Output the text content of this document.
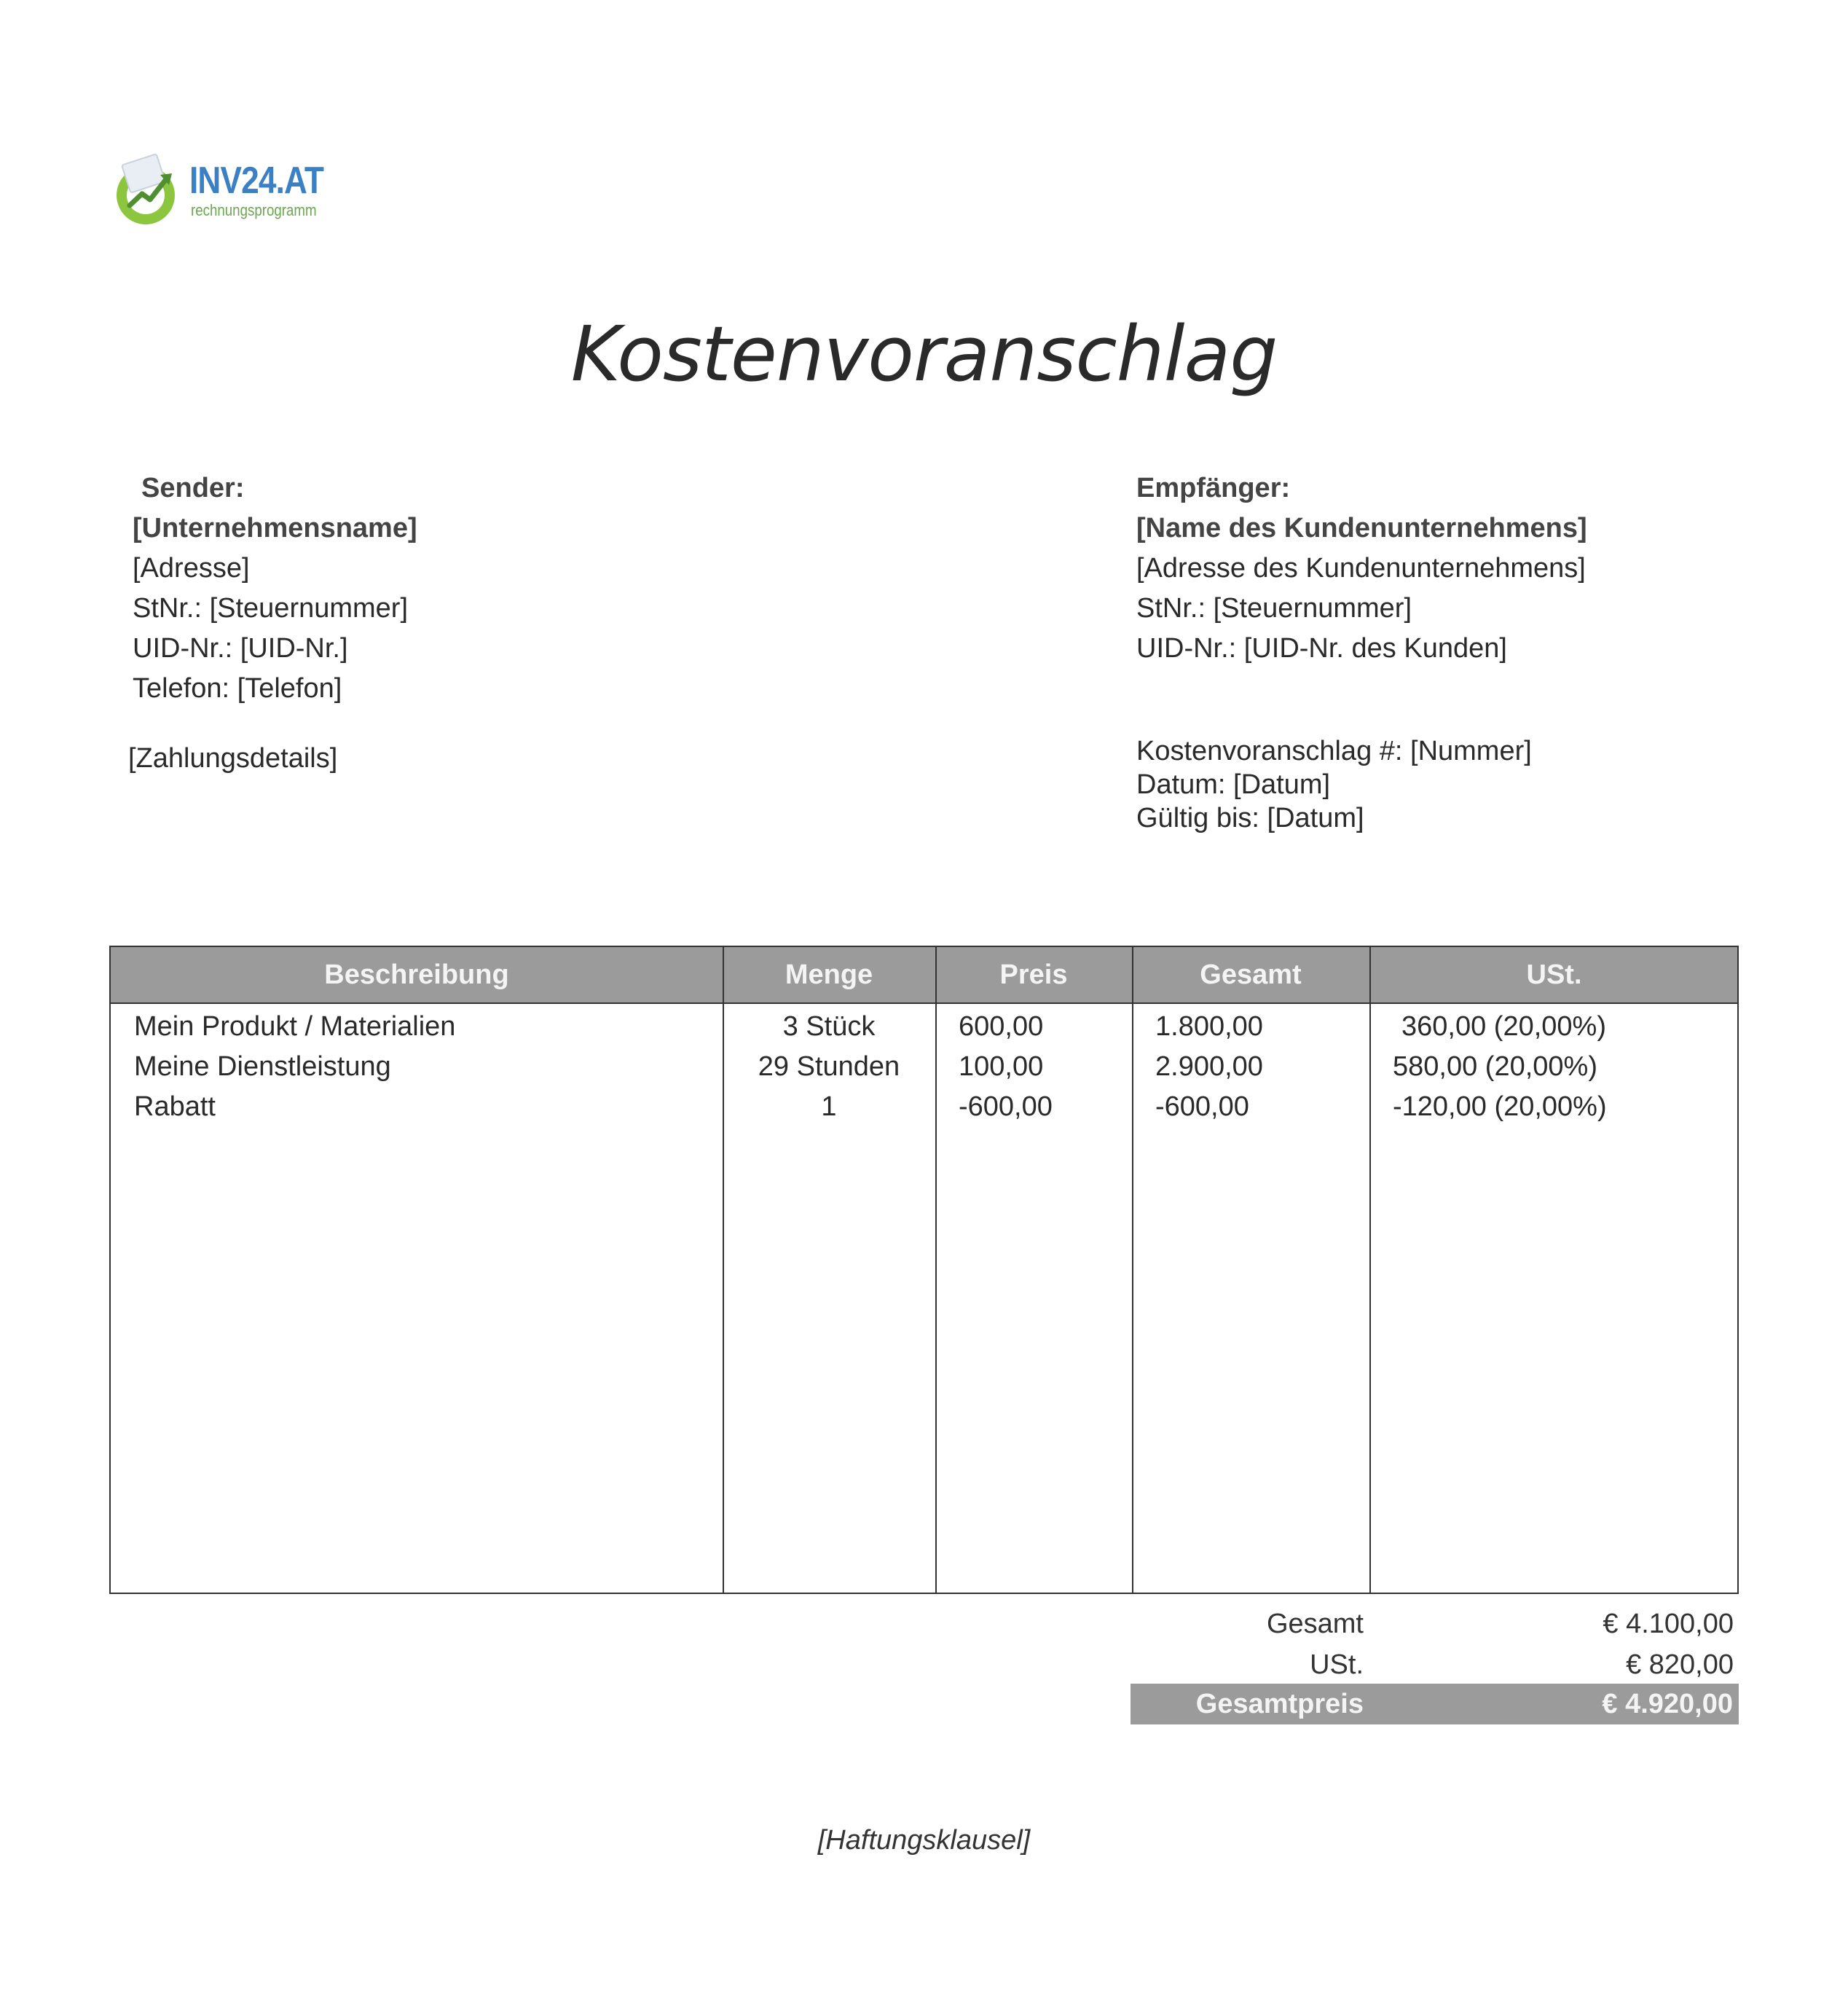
INV24.AT
rechnungsprogramm
Kostenvoranschlag
Sender:
[Unternehmensname]
[Adresse]
StNr.: [Steuernummer]
UID-Nr.: [UID-Nr.]
Telefon: [Telefon]
[Zahlungsdetails]
Empfänger:
[Name des Kundenunternehmens]
[Adresse des Kundenunternehmens]
StNr.: [Steuernummer]
UID-Nr.: [UID-Nr. des Kunden]
Kostenvoranschlag #: [Nummer]
Datum: [Datum]
Gültig bis: [Datum]
Beschreibung	Menge	Preis	Gesamt	USt.
Mein Produkt / Materialien	3 Stück	600,00	1.800,00	360,00 (20,00%)
Meine Dienstleistung	29 Stunden	100,00	2.900,00	580,00 (20,00%)
Rabatt	1	-600,00	-600,00	-120,00 (20,00%)
Gesamt	€ 4.100,00
USt.	€ 820,00
Gesamtpreis	€ 4.920,00
[Haftungsklausel]
